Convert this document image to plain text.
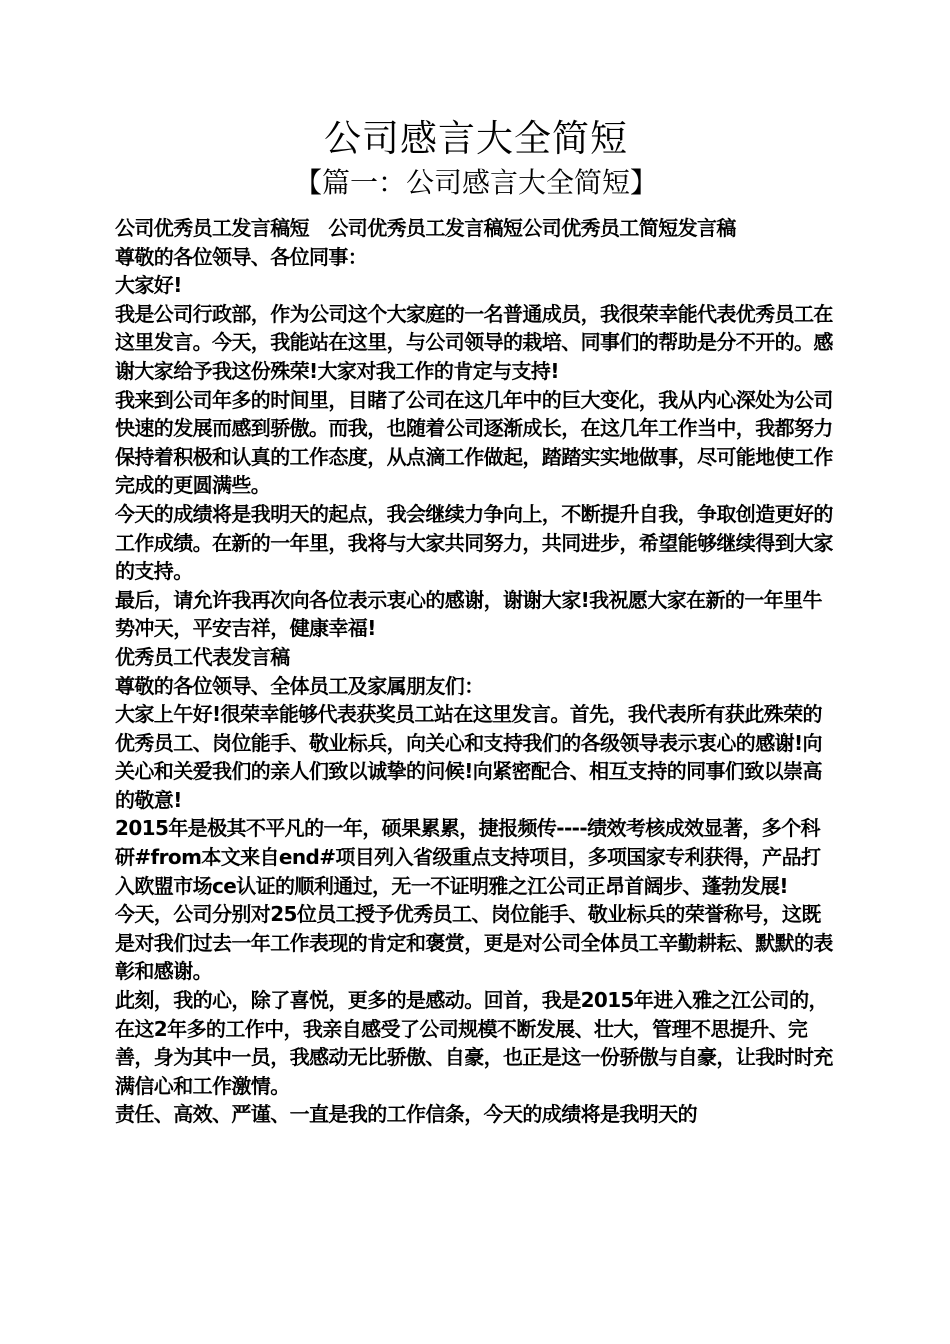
公司感言大全简短
【篇一：公司感言大全简短】

公司优秀员工发言稿短　公司优秀员工发言稿短公司优秀员工简短发言稿

尊敬的各位领导、各位同事：

大家好!

我是公司行政部，作为公司这个大家庭的一名普通成员，我很荣幸能代表优秀员工在这里发言。今天，我能站在这里，与公司领导的栽培、同事们的帮助是分不开的。感谢大家给予我这份殊荣!大家对我工作的肯定与支持!

我来到公司年多的时间里，目睹了公司在这几年中的巨大变化，我从内心深处为公司快速的发展而感到骄傲。而我，也随着公司逐渐成长，在这几年工作当中，我都努力保持着积极和认真的工作态度，从点滴工作做起，踏踏实实地做事，尽可能地使工作完成的更圆满些。

今天的成绩将是我明天的起点，我会继续力争向上，不断提升自我，争取创造更好的工作成绩。在新的一年里，我将与大家共同努力，共同进步，希望能够继续得到大家的支持。

最后，请允许我再次向各位表示衷心的感谢，谢谢大家!我祝愿大家在新的一年里牛势冲天，平安吉祥，健康幸福!

优秀员工代表发言稿

尊敬的各位领导、全体员工及家属朋友们：

大家上午好!很荣幸能够代表获奖员工站在这里发言。首先，我代表所有获此殊荣的优秀员工、岗位能手、敬业标兵，向关心和支持我们的各级领导表示衷心的感谢!向关心和关爱我们的亲人们致以诚挚的问候!向紧密配合、相互支持的同事们致以崇高的敬意!

2015年是极其不平凡的一年，硕果累累，捷报频传----绩效考核成效显著，多个科研#from本文来自end#项目列入省级重点支持项目，多项国家专利获得，产品打入欧盟市场ce认证的顺利通过，无一不证明雅之江公司正昂首阔步、蓬勃发展!

今天，公司分别对25位员工授予优秀员工、岗位能手、敬业标兵的荣誉称号，这既是对我们过去一年工作表现的肯定和褒赏，更是对公司全体员工辛勤耕耘、默默的表彰和感谢。

此刻，我的心，除了喜悦，更多的是感动。回首，我是2015年进入雅之江公司的，在这2年多的工作中，我亲自感受了公司规模不断发展、壮大，管理不思提升、完善，身为其中一员，我感动无比骄傲、自豪，也正是这一份骄傲与自豪，让我时时充满信心和工作激情。

责任、高效、严谨、一直是我的工作信条，今天的成绩将是我明天的
